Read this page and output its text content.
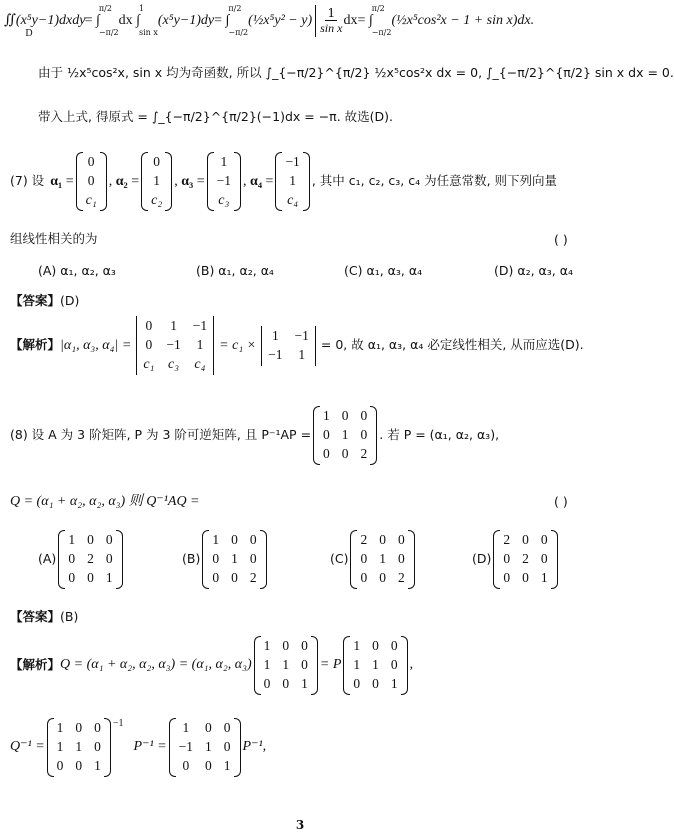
∬(x⁵y−1)dxdy
D
= ∫
π/2
−π/2
dx ∫
1
sin x
(x⁵y−1)dy = ∫
π/2
−π/2
(½x⁵y² − $y) \frac{1}{\text{sin x}}$ dx = ∫
π/2
−π/2
(½x⁵cos²x − 1 + sin x)dx.
由于 ½x⁵cos²x, sin x 均为奇函数, 所以 ∫_{−π/2}^{π/2} ½x⁵cos²x dx = 0, ∫_{−π/2}^{π/2} sin x dx = 0.
带入上式, 得原式 = ∫_{−π/2}^{π/2}(−1)dx = −π. 故选(D).
(7) 设 α₁ =
0
0
c₁
, α₂ =
0
1
c₂
, α₃ =
1
−1
c₃
, α₄ =
−1
1
c₄
, 其中 c₁, c₂, c₃, c₄ 为任意常数, 则下列向量
组线性相关的为	( )
(A) α₁, α₂, α₃	(B) α₁, α₂, α₄	(C) α₁, α₃, α₄	(D) α₂, α₃, α₄
【答案】 (D)
【解析】 |α₁, α₃, α₄| =
0 1 −1
0 −1 1
c₁ c₃ c₄
= c₁ ×
1 −1
−1 1
= 0, 故 α₁, α₃, α₄ 必定线性相关, 从而应选(D).
(8) 设 A 为 3 阶矩阵, P 为 3 阶可逆矩阵, 且 P⁻¹AP =
1 0 0
0 1 0
0 0 2
. 若 P = (α₁, α₂, α₃),
Q = (α₁ + α₂, α₂, α₃) 则 Q⁻¹AQ =	( )
(A)
1 0 0
0 2 0
0 0 1
(B)
1 0 0
0 1 0
0 0 2
(C)
2 0 0
0 1 0
0 0 2
(D)
2 0 0
0 2 0
0 0 1
【答案】 (B)
【解析】 Q = (α₁ + α₂, α₂, α₃) = (α₁, α₂, α₃)
1 0 0
1 1 0
0 0 1
= P
1 0 0
1 1 0
0 0 1
,
Q⁻¹ =
1 0 0
1 1 0
0 0 1
−1
P⁻¹ =
1 0 0
−1 1 0
0 0 1
P⁻¹,
3
